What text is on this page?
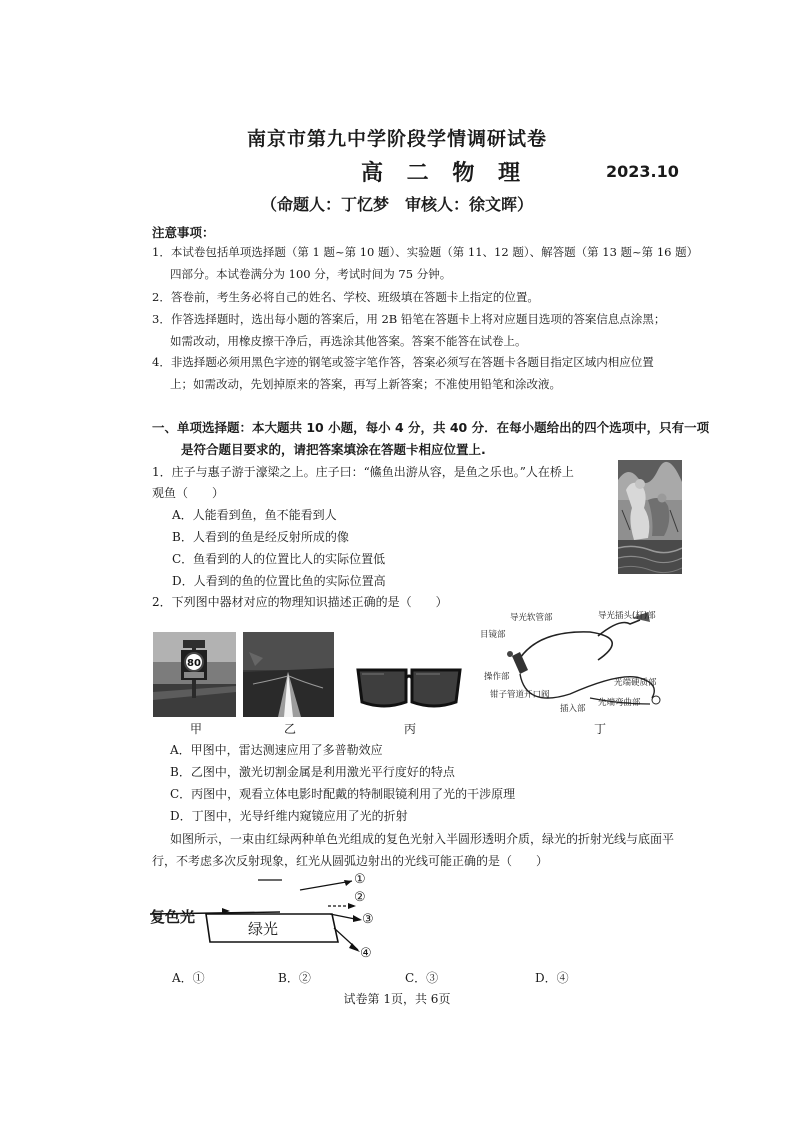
南京市第九中学阶段学情调研试卷
高 二 物 理	2023.10
（命题人：丁忆梦　审核人：徐文晖）
注意事项：
1．本试卷包括单项选择题（第 1 题~第 10 题）、实验题（第 11、12 题）、解答题（第 13 题~第 16 题）
四部分。本试卷满分为 100 分，考试时间为 75 分钟。
2．答卷前，考生务必将自己的姓名、学校、班级填在答题卡上指定的位置。
3．作答选择题时，选出每小题的答案后，用 2B 铅笔在答题卡上将对应题目选项的答案信息点涂黑；
如需改动，用橡皮擦干净后，再选涂其他答案。答案不能答在试卷上。
4．非选择题必须用黑色字迹的钢笔或签字笔作答，答案必须写在答题卡各题目指定区域内相应位置
上；如需改动，先划掉原来的答案，再写上新答案；不准使用铅笔和涂改液。
一、单项选择题：本大题共 10 小题，每小 4 分，共 40 分．在每小题给出的四个选项中，只有一项
是符合题目要求的，请把答案填涂在答题卡相应位置上.
1．庄子与惠子游于濠梁之上。庄子曰：“鯈鱼出游从容，是鱼之乐也。”人在桥上
观鱼（　　）
A．人能看到鱼，鱼不能看到人
B．人看到的鱼是经反射所成的像
C．鱼看到的人的位置比人的实际位置低
D．人看到的鱼的位置比鱼的实际位置高
2．下列图中器材对应的物理知识描述正确的是（　　）
80
导光软管部	导光插头(杆)部
目镜部
操作部
钳子管道开口阀
插入部
先端弯曲部
光端硬质部
甲	乙	丙	丁
A．甲图中，雷达测速应用了多普勒效应
B．乙图中，激光切割金属是利用激光平行度好的特点
C．丙图中，观看立体电影时配戴的特制眼镜利用了光的干涉原理
D．丁图中，光导纤维内窥镜应用了光的折射
如图所示，一束由红绿两种单色光组成的复色光射入半圆形透明介质，绿光的折射光线与底面平
行，不考虑多次反射现象，红光从圆弧边射出的光线可能正确的是（　　）
复色光
绿光
①
②
③
④
A．①	B．②	C．③	D．④
试卷第 1页，共 6页
